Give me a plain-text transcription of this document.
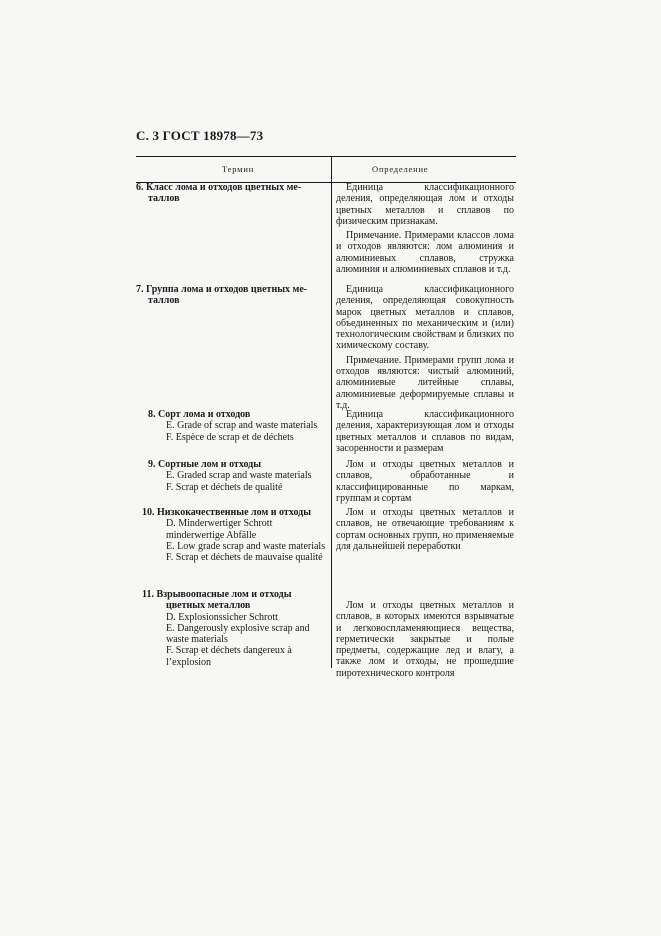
С. 3 ГОСТ 18978—73
Термин	Определение
6. Класс лома и отходов цветных ме-
таллов

Единица классификационного деления, определяющая лом и отходы цветных металлов и сплавов по физическим признакам.

Примечание. Примерами классов лома и отходов являются: лом алюминия и алюминиевых сплавов, стружка алюминия и алюминиевых сплавов и т.д.

7. Группа лома и отходов цветных ме-
таллов

Единица классификационного деления, определяющая совокупность марок цветных металлов и сплавов, объединенных по механическим и (или) технологическим свойствам и близких по химическому составу.

Примечание. Примерами групп лома и отходов являются: чистый алюминий, алюминиевые литейные сплавы, алюминиевые деформируемые сплавы и т.д.

8. Сорт лома и отходов
E. Grade of scrap and waste materials
F. Espèce de scrap et de déchets

Единица классификационного деления, характеризующая лом и отходы цветных металлов и сплавов по видам, засоренности и размерам

9. Сортные лом и отходы
E. Graded scrap and waste materials
F. Scrap et déchets de qualité

Лом и отходы цветных металлов и сплавов, обработанные и классифицированные по маркам, группам и сортам

10. Низкокачественные лом и отходы
D. Minderwertiger Schrott minderwertige Abfälle
E. Low grade scrap and waste materials
F. Scrap et déchets de mauvaise qualité

Лом и отходы цветных металлов и сплавов, не отвечающие требованиям к сортам основных групп, но применяемые для дальнейшей переработки

11. Взрывоопасные лом и отходы
цветных металлов
D. Explosionssicher Schrott
E. Dangerously explosive scrap and waste materials
F. Scrap et déchets dangereux à l’explosion

Лом и отходы цветных металлов и сплавов, в которых имеются взрывчатые и легковоспламеняющиеся вещества, герметически закрытые и полые предметы, содержащие лед и влагу, а также лом и отходы, не прошедшие пиротехнического контроля
